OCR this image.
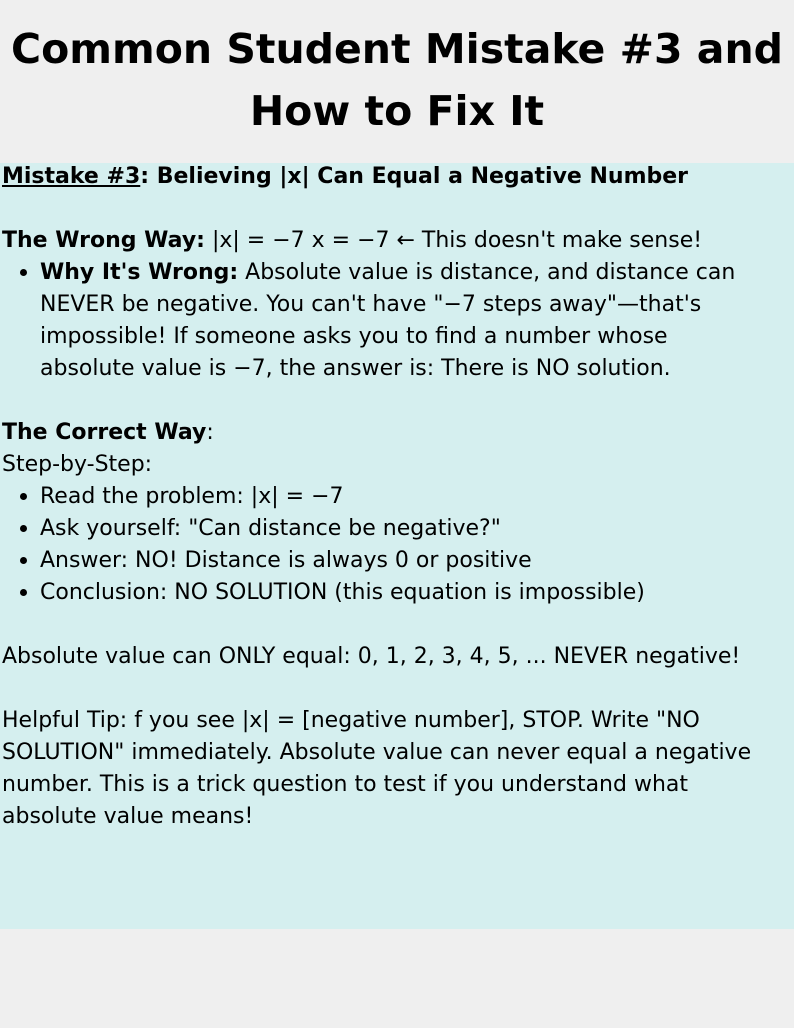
Common Student Mistake #3 and
How to Fix It

Mistake #3: Believing |x| Can Equal a Negative Number

The Wrong Way: |x| = −7 x = −7 ← This doesn't make sense!

Why It's Wrong: Absolute value is distance, and distance can
NEVER be negative. You can't have "−7 steps away"—that's
impossible! If someone asks you to find a number whose
absolute value is −7, the answer is: There is NO solution.

The Correct Way:

Step-by-Step:

Read the problem: |x| = −7
Ask yourself: "Can distance be negative?"
Answer: NO! Distance is always 0 or positive
Conclusion: NO SOLUTION (this equation is impossible)

Absolute value can ONLY equal: 0, 1, 2, 3, 4, 5, ... NEVER negative!

Helpful Tip: f you see |x| = [negative number], STOP. Write "NO
SOLUTION" immediately. Absolute value can never equal a negative
number. This is a trick question to test if you understand what
absolute value means!
